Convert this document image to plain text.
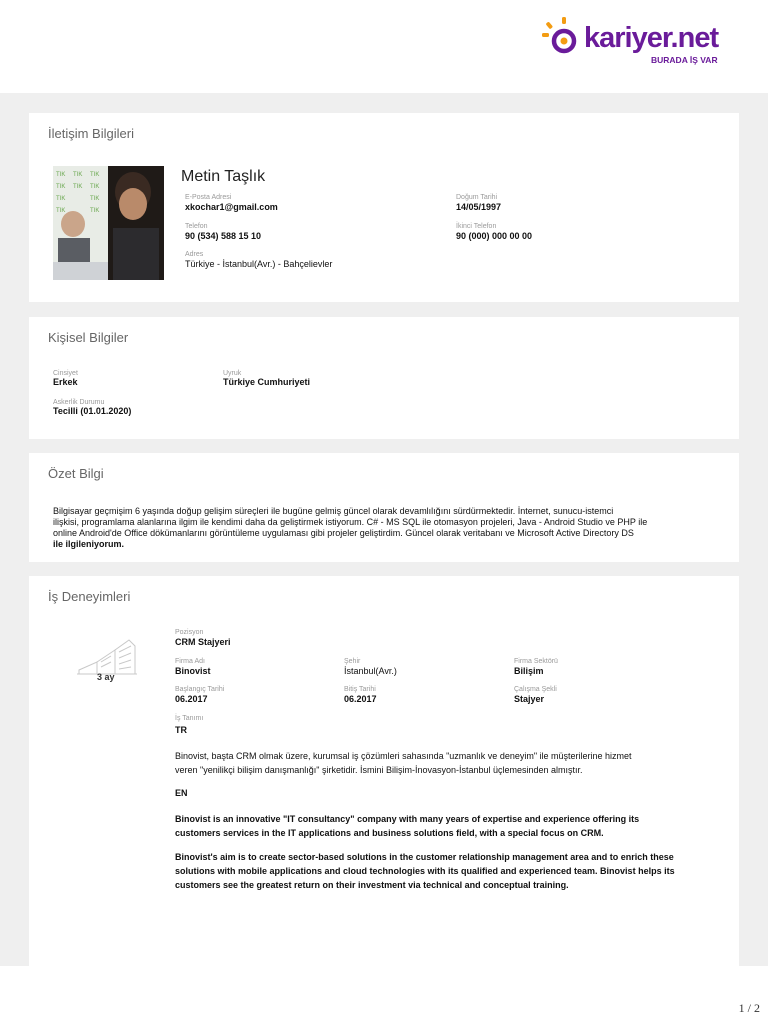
kariyer.net
BURADA İŞ VAR
İletişim Bilgileri
TIK TIK TIK
TIK TIK TIK
TIK	TIK
TIK	TIK
Metin Taşlık
E-Posta Adresi
xkochar1@gmail.com
Doğum Tarihi
14/05/1997
Telefon
90 (534) 588 15 10
İkinci Telefon
90 (000) 000 00 00
Adres
Türkiye - İstanbul(Avr.) - Bahçelievler
Kişisel Bilgiler
Cinsiyet
Erkek
Uyruk
Türkiye Cumhuriyeti
Askerlik Durumu
Tecilli (01.01.2020)
Özet Bilgi
Bilgisayar geçmişim 6 yaşında doğup gelişim süreçleri ile bugüne gelmiş güncel olarak devamlılığını sürdürmektedir. İnternet, sunucu-istemci
ilişkisi, programlama alanlarına ilgim ile kendimi daha da geliştirmek istiyorum. C# - MS SQL ile otomasyon projeleri, Java - Android Studio ve PHP ile
online Android'de Office dökümanlarını görüntüleme uygulaması gibi projeler geliştirdim. Güncel olarak veritabanı ve Microsoft Active Directory DS
ile ilgileniyorum.
İş Deneyimleri
3 ay
Pozisyon
CRM Stajyeri
Firma Adı
Binovist
Şehir
İstanbul(Avr.)
Firma Sektörü
Bilişim
Başlangıç Tarihi
06.2017
Bitiş Tarihi
06.2017
Çalışma Şekli
Stajyer
İş Tanımı
TR
Binovist, başta CRM olmak üzere, kurumsal iş çözümleri sahasında "uzmanlık ve deneyim" ile müşterilerine hizmet
veren "yenilikçi bilişim danışmanlığı" şirketidir. İsmini Bilişim-İnovasyon-İstanbul üçlemesinden almıştır.
EN
Binovist is an innovative "IT consultancy" company with many years of expertise and experience offering its
customers services in the IT applications and business solutions field, with a special focus on CRM.
Binovist's aim is to create sector-based solutions in the customer relationship management area and to enrich these
solutions with mobile applications and cloud technologies with its qualified and experienced team. Binovist helps its
customers see the greatest return on their investment via technical and conceptual training.
1 / 2
